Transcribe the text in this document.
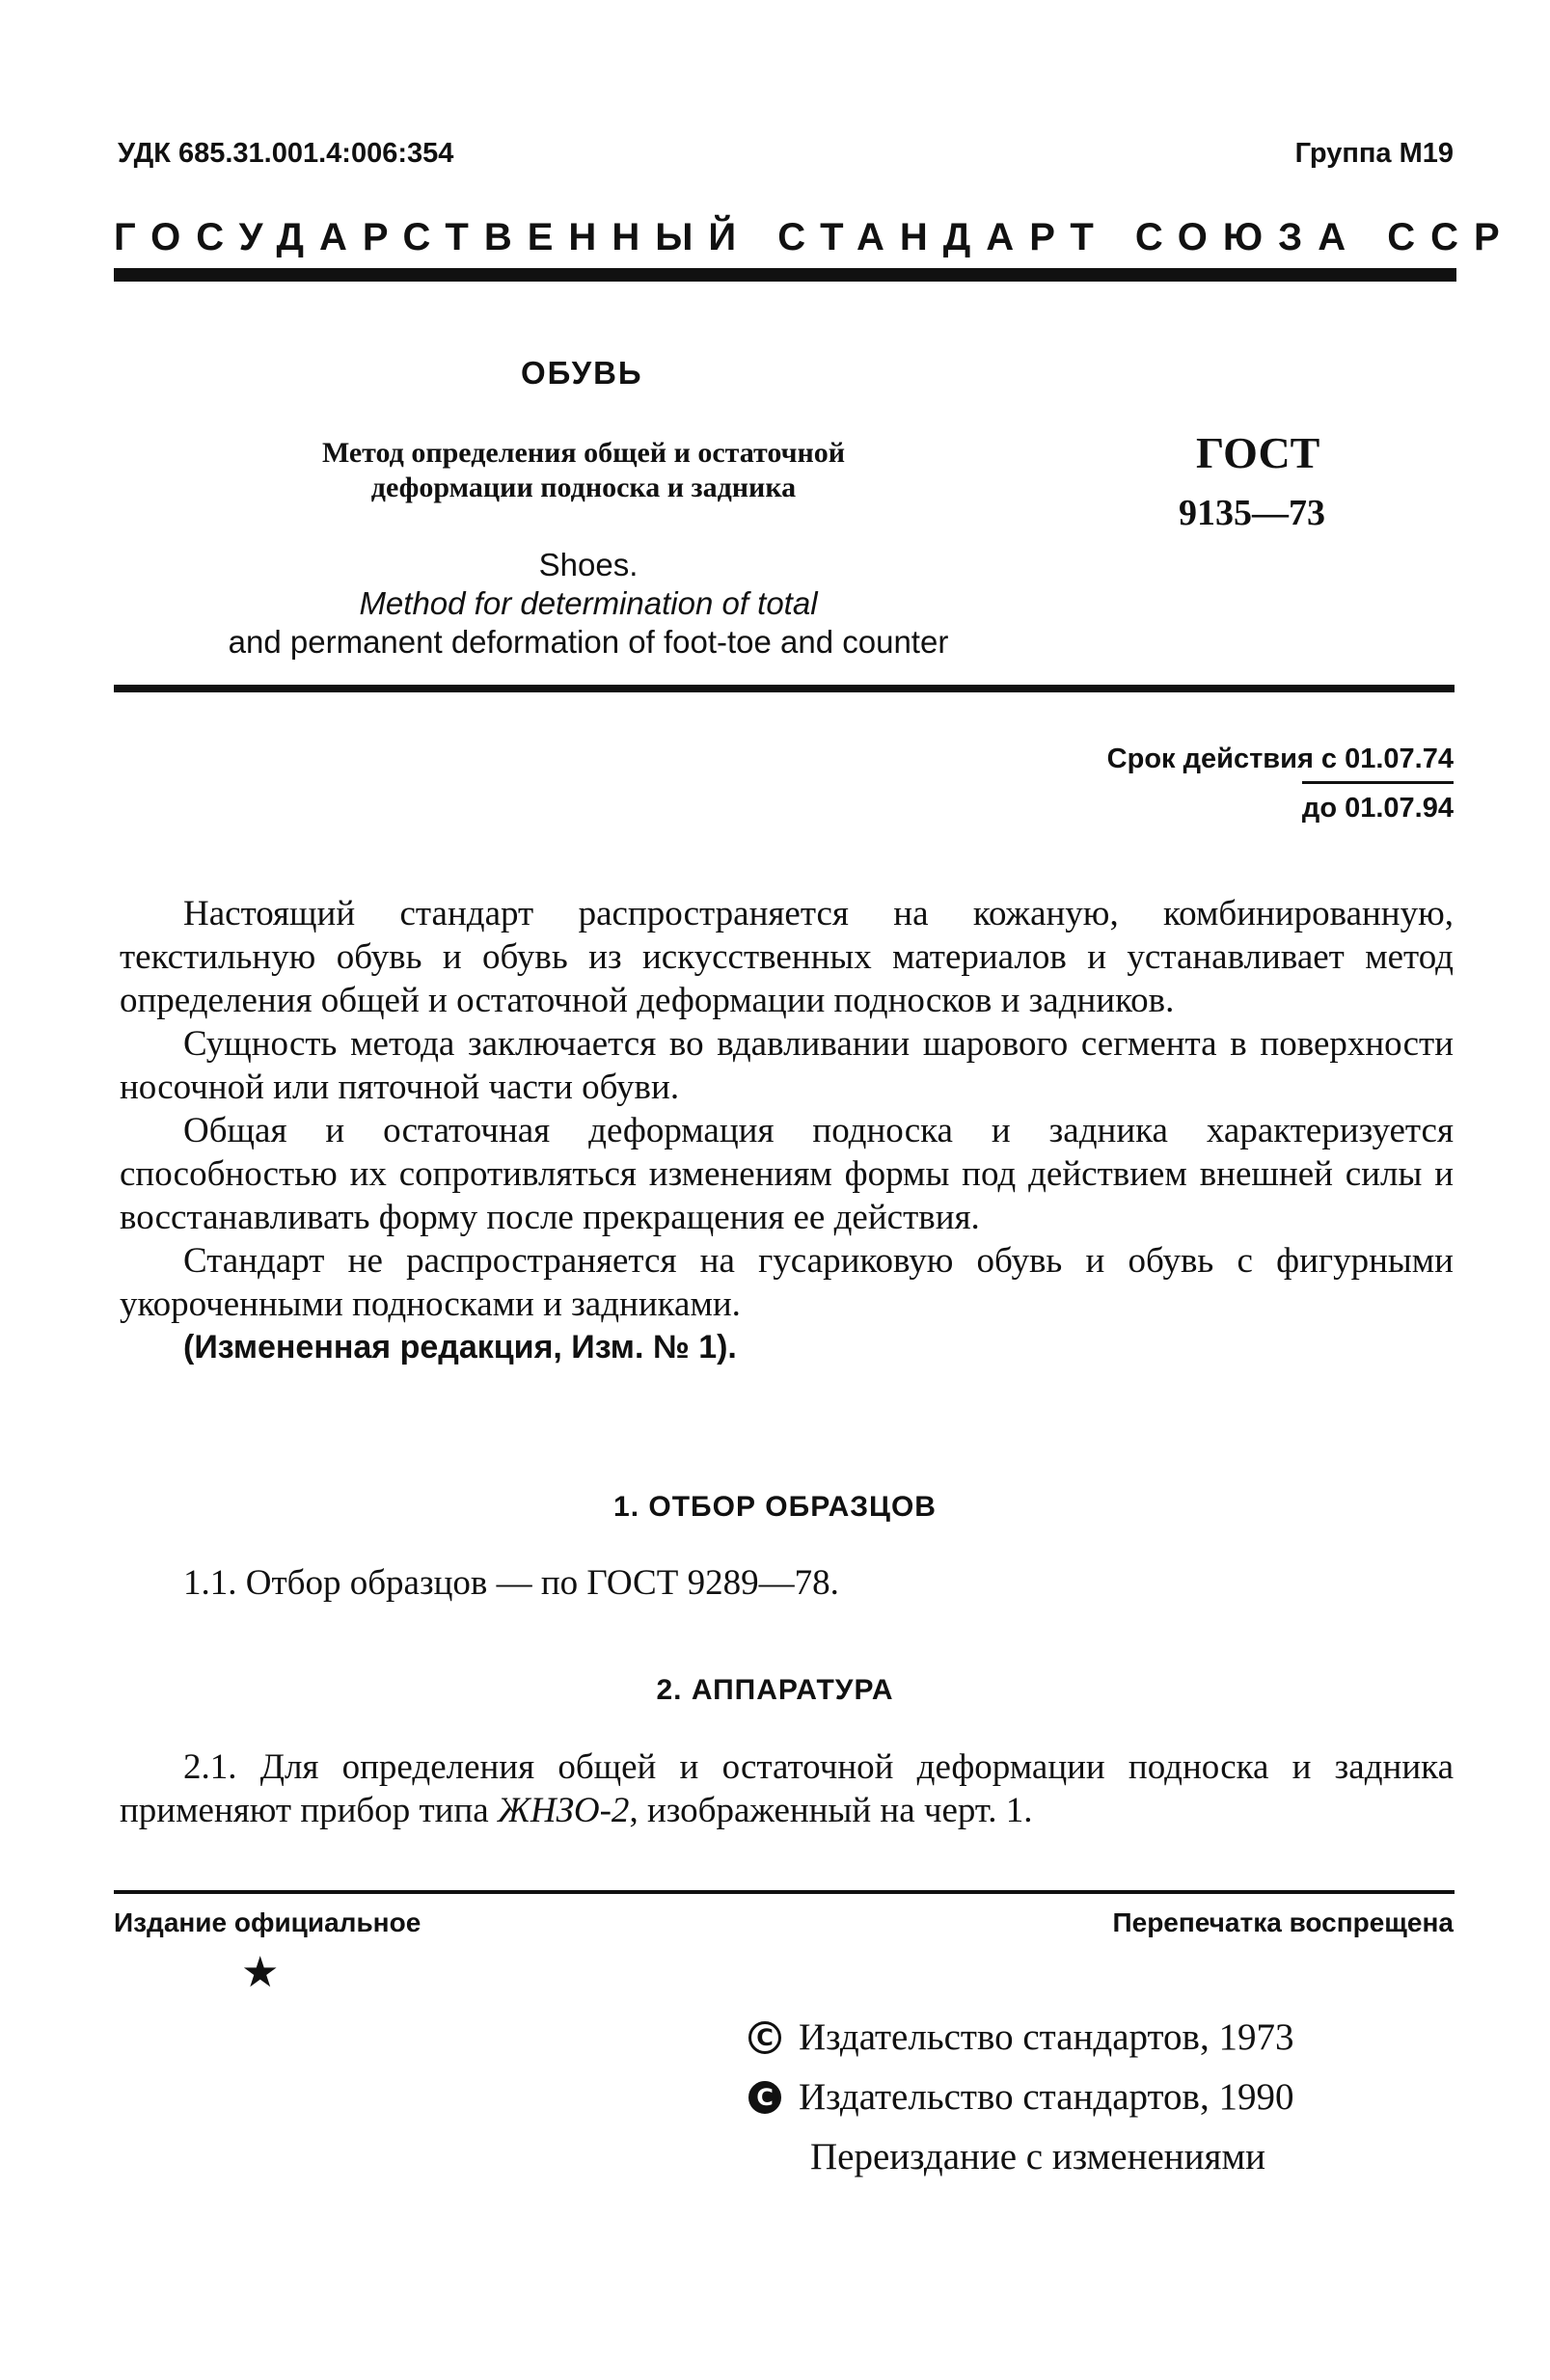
УДК 685.31.001.4:006:354	Группа М19
ГОСУДАРСТВЕННЫЙ СТАНДАРТ СОЮЗА ССР
ОБУВЬ
Метод определения общей и остаточной
деформации подноска и задника
Shoes.
Method for determination of total
and permanent deformation of foot-toe and counter
ГОСТ
9135—73
Срок действия с 01.07.74
до 01.07.94

Настоящий стандарт распространяется на кожаную, комбинированную, текстильную обувь и обувь из искусственных материалов и устанавливает метод определения общей и остаточной деформации подносков и задников.

Сущность метода заключается во вдавливании шарового сегмента в поверхности носочной или пяточной части обуви.

Общая и остаточная деформация подноска и задника характеризуется способностью их сопротивляться изменениям формы под действием внешней силы и восстанавливать форму после прекращения ее действия.

Стандарт не распространяется на гусариковую обувь и обувь с фигурными укороченными подносками и задниками.

(Измененная редакция, Изм. № 1).

1. ОТБОР ОБРАЗЦОВ
1.1. Отбор образцов — по ГОСТ 9289—78.
2. АППАРАТУРА

2.1. Для определения общей и остаточной деформации подноска и задника применяют прибор типа ЖНЗО-2, изображенный на черт. 1.

Издание официальное	Перепечатка воспрещена
★
C Издательство стандартов, 1973
C Издательство стандартов, 1990
Переиздание с изменениями
